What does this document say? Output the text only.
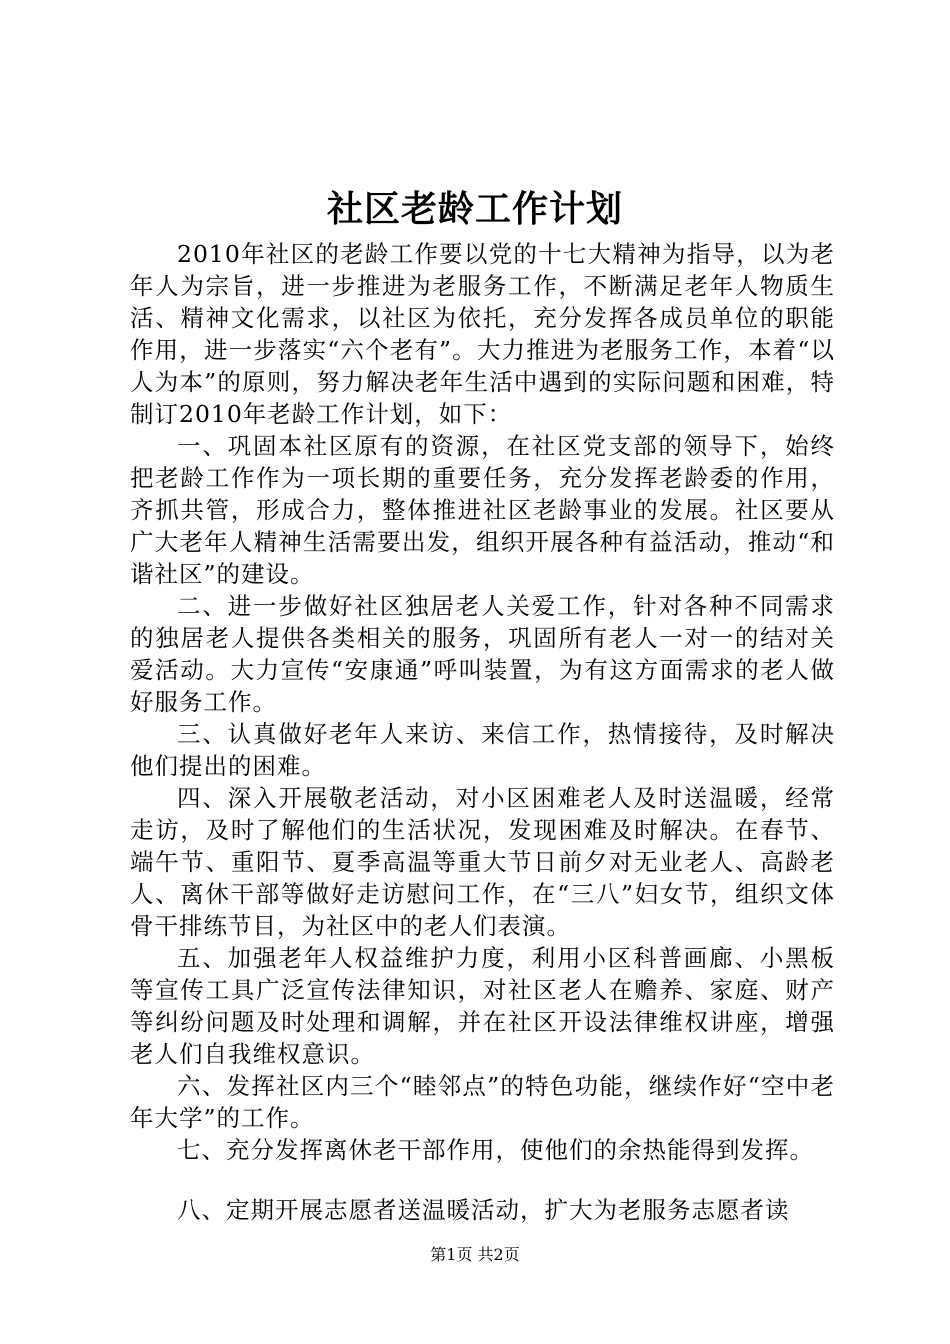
社区老龄工作计划

2010年社区的老龄工作要以党的十七大精神为指导，以为老年人为宗旨，进一步推进为老服务工作，不断满足老年人物质生活、精神文化需求，以社区为依托，充分发挥各成员单位的职能作用，进一步落实“六个老有”。大力推进为老服务工作，本着“以人为本”的原则，努力解决老年生活中遇到的实际问题和困难，特制订2010年老龄工作计划，如下：

一、巩固本社区原有的资源，在社区党支部的领导下，始终把老龄工作作为一项长期的重要任务，充分发挥老龄委的作用，齐抓共管，形成合力，整体推进社区老龄事业的发展。社区要从广大老年人精神生活需要出发，组织开展各种有益活动，推动“和谐社区”的建设。

二、进一步做好社区独居老人关爱工作，针对各种不同需求的独居老人提供各类相关的服务，巩固所有老人一对一的结对关爱活动。大力宣传“安康通”呼叫装置，为有这方面需求的老人做好服务工作。

三、认真做好老年人来访、来信工作，热情接待，及时解决他们提出的困难。

四、深入开展敬老活动，对小区困难老人及时送温暖，经常走访，及时了解他们的生活状况，发现困难及时解决。在春节、端午节、重阳节、夏季高温等重大节日前夕对无业老人、高龄老人、离休干部等做好走访慰问工作，在“三八”妇女节，组织文体骨干排练节目，为社区中的老人们表演。

五、加强老年人权益维护力度，利用小区科普画廊、小黑板等宣传工具广泛宣传法律知识，对社区老人在赡养、家庭、财产等纠纷问题及时处理和调解，并在社区开设法律维权讲座，增强老人们自我维权意识。

六、发挥社区内三个“睦邻点”的特色功能，继续作好“空中老年大学”的工作。

七、充分发挥离休老干部作用，使他们的余热能得到发挥。

八、定期开展志愿者送温暖活动，扩大为老服务志愿者读

第1页 共2页
